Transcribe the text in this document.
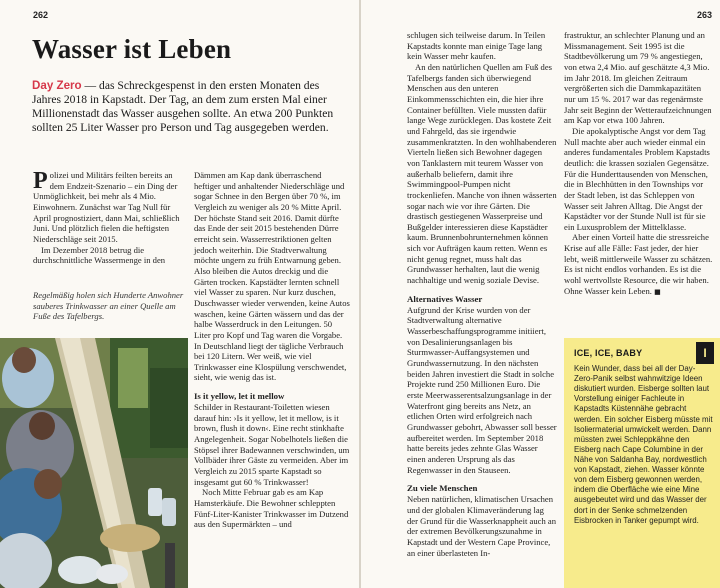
262
Wasser ist Leben

Day Zero — das Schreckgespenst in den ersten Monaten des Jahres 2018 in Kapstadt. Der Tag, an dem zum ersten Mal einer Millionenstadt das Wasser ausgehen sollte. An etwa 200 Punkten sollten 25 Liter Wasser pro Person und Tag ausgegeben werden.

Polizei und Militärs feilten bereits an dem Endzeit-Szenario – ein Ding der Unmöglichkeit, bei mehr als 4 Mio. Einwohnern. Zunächst war Tag Null für April prognostiziert, dann Mai, schließlich Juni. Und plötzlich fielen die heftigsten Niederschläge seit 2015.

Im Dezember 2018 betrug die durchschnittliche Wassermenge in den

Regelmäßig holen sich Hunderte Anwohner sauberes Trinkwasser an einer Quelle am Fuße des Tafelbergs.

Dämmen am Kap dank überraschend heftiger und anhaltender Niederschläge und sogar Schnee in den Bergen über 70 %, im Vergleich zu weniger als 20 % Mitte April. Der höchste Stand seit 2016. Damit dürfte das Ende der seit 2015 bestehenden Dürre erreicht sein. Wasserrestriktionen gelten jedoch weiterhin. Die Stadtverwaltung möchte ungern zu früh Entwarnung geben. Also bleiben die Autos dreckig und die Gärten trocken. Kapstädter lernten schnell viel Wasser zu sparen. Nur kurz duschen, Duschwasser wieder verwenden, keine Autos waschen, keine Gärten wässern und das der halbe Wasserdruck in den Leitungen. 50 Liter pro Kopf und Tag waren die Vorgabe. In Deutschland liegt der tägliche Verbrauch bei 120 Litern. Wer weiß, wie viel Trinkwasser eine Klospülung verschwendet, sieht, wie wenig das ist.

Is it yellow, let it mellow

Schilder in Restaurant-Toiletten wiesen darauf hin: ›Is it yellow, let it mellow, is it brown, flush it down‹. Eine recht stinkhafte Angelegenheit. Sogar Nobelhotels ließen die Stöpsel ihrer Badewannen verschwinden, um Vollbäder ihrer Gäste zu vermeiden. Aber im Vergleich zu 2015 sparte Kapstadt so insgesamt gut 60 % Trinkwasser!

Noch Mitte Februar gab es am Kap Hamsterkäufe. Die Bewohner schleppten Fünf-Liter-Kanister Trinkwasser im Dutzend aus den Supermärkten – und

263

schlugen sich teilweise darum. In Teilen Kapstadts konnte man einige Tage lang kein Wasser mehr kaufen.

An den natürlichen Quellen am Fuß des Tafelbergs fanden sich überwiegend Menschen aus den unteren Einkommensschichten ein, die hier ihre Container befüllten. Viele mussten dafür lange Wege zurücklegen. Das kostete Zeit und Fahrgeld, das sie irgendwie zusammenkratzten. In den wohlhabenderen Vierteln ließen sich Bewohner dagegen von Tanklastern mit teurem Wasser von außerhalb beliefern, damit ihre Swimmingpool-Pumpen nicht trockenliefen. Manche von ihnen wässerten sogar nach wie vor ihre Gärten. Die drastisch gestiegenen Wasserpreise und Bußgelder interessieren diese Kapstädter kaum. Brunnenbohrunternehmen können sich vor Aufträgen kaum retten. Wenn es nicht genug regnet, muss halt das Grundwasser herhalten, laut die wenig nachhaltige und wenig soziale Devise.

Alternatives Wasser

Aufgrund der Krise wurden von der Stadtverwaltung alternative Wasserbeschaffungsprogramme initiiert, von Desalinierungsanlagen bis Sturmwasser-Auffangsystemen und Grundwassernutzung. In den nächsten beiden Jahren investiert die Stadt in solche Projekte rund 250 Millionen Euro. Die erste Meerwasserentsalzungsanlage in der Waterfront ging bereits ans Netz, an etlichen Orten wird erfolgreich nach Grundwasser gebohrt, Abwasser soll besser aufbereitet werden. Im September 2018 hatte bereits jedes zehnte Glas Wasser einen anderen Ursprung als das Regenwasser in den Stauseen.

Zu viele Menschen

Neben natürlichen, klimatischen Ursachen und der globalen Klimaveränderung lag der Grund für die Wasserknappheit auch an der extremen Bevölkerungszunahme in Kapstadt und der Western Cape Province, an einer überlasteten In-

frastruktur, an schlechter Planung und an Missmanagement. Seit 1995 ist die Stadtbevölkerung um 79 % angestiegen, von etwa 2,4 Mio. auf geschätzte 4,3 Mio. im Jahr 2018. Im gleichen Zeitraum vergrößerten sich die Dammkapazitäten nur um 15 %. 2017 war das regenärmste Jahr seit Beginn der Wetteraufzeichnungen am Kap vor etwa 100 Jahren.

Die apokalyptische Angst vor dem Tag Null machte aber auch wieder einmal ein anderes fundamentales Problem Kapstadts deutlich: die krassen sozialen Gegensätze. Für die Hunderttausenden von Menschen, die in Blechhütten in den Townships vor der Stadt leben, ist das Schleppen von Wasser seit Jahren Alltag. Die Angst der Kapstädter vor der Stunde Null ist für sie ein Luxusproblem der Mittelklasse.

Aber einen Vorteil hatte die stressreiche Krise auf alle Fälle: Fast jeder, der hier lebt, weiß mittlerweile Wasser zu schätzen. Es ist nicht endlos vorhanden. Es ist die wohl wertvollste Resource, die wir haben. Ohne Wasser kein Leben. ■

ICE, ICE, BABY	I
Kein Wunder, dass bei all der Day-Zero-Panik selbst wahnwitzige Ideen diskutiert wurden. Eisberge sollten laut Vorstellung einiger Fachleute in Kapstadts Küstennähe gebracht werden. Ein solcher Eisberg müsste mit Isoliermaterial umwickelt werden. Dann müssten zwei Schleppkähne den Eisberg nach Cape Columbine in der Nähe von Saldanha Bay, nordwestlich von Kapstadt, ziehen. Wasser könnte von dem Eisberg gewonnen werden, indem die Oberfläche wie eine Mine ausgebeutet wird und das Wasser der dort in der Senke schmelzenden Eisbrocken in Tanker gepumpt wird.
